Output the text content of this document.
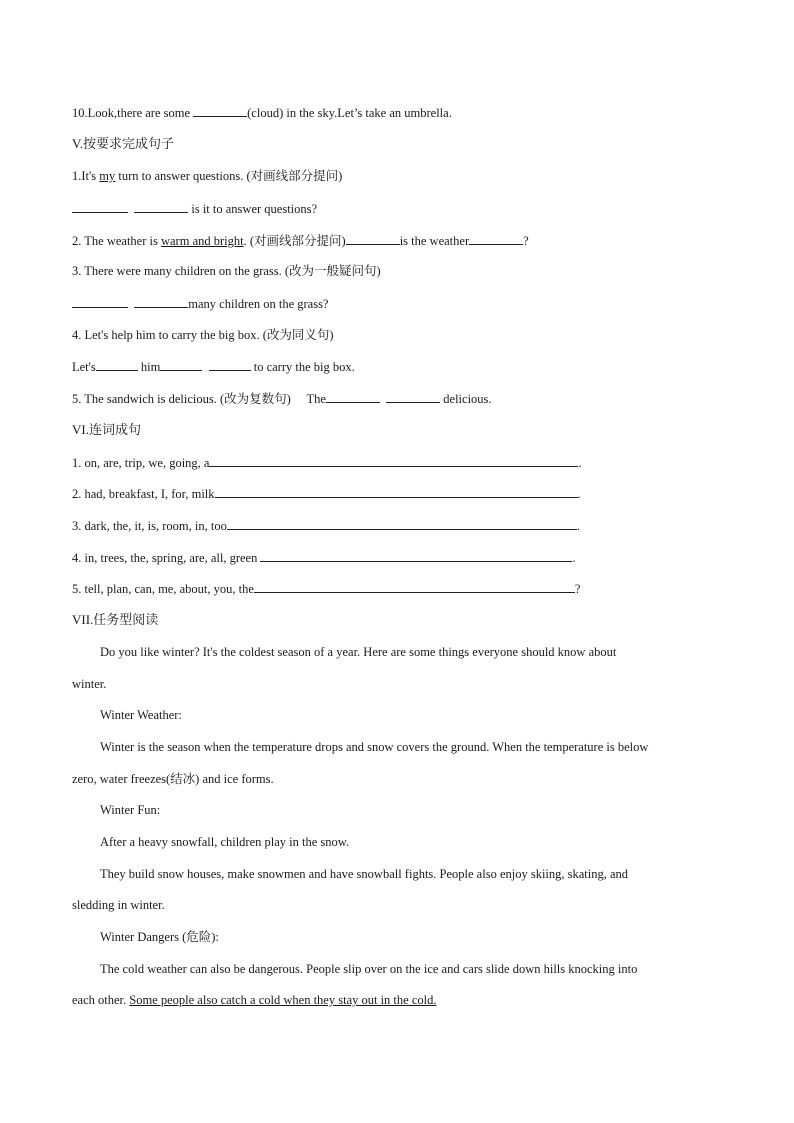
10.Look,there are some	(cloud) in the sky.Let’s take an umbrella.
V.按要求完成句子
1.It's my turn to answer questions. (对画线部分提问)
is it to answer questions?
2. The weather is warm and bright. (对画线部分提问)	is the weather	?
3. There were many children on the grass. (改为一般疑问句)
many children on the grass?
4. Let's help him to carry the big box. (改为同义句)
Let's	him	to carry the big box.
5. The sandwich is delicious. (改为复数句) The	delicious.
VI.连词成句
1. on, are, trip, we, going, a	.
2. had, breakfast, I, for, milk	.
3. dark, the, it, is, room, in, too	.
4. in, trees, the, spring, are, all, green	.
5. tell, plan, can, me, about, you, the	?
VII.任务型阅读
Do you like winter? It's the coldest season of a year. Here are some things everyone should know about
winter.
Winter Weather:
Winter is the season when the temperature drops and snow covers the ground. When the temperature is below
zero, water freezes(结冰) and ice forms.
Winter Fun:
After a heavy snowfall, children play in the snow.
They build snow houses, make snowmen and have snowball fights. People also enjoy skiing, skating, and
sledding in winter.
Winter Dangers (危险):
The cold weather can also be dangerous. People slip over on the ice and cars slide down hills knocking into
each other. Some people also catch a cold when they stay out in the cold.
